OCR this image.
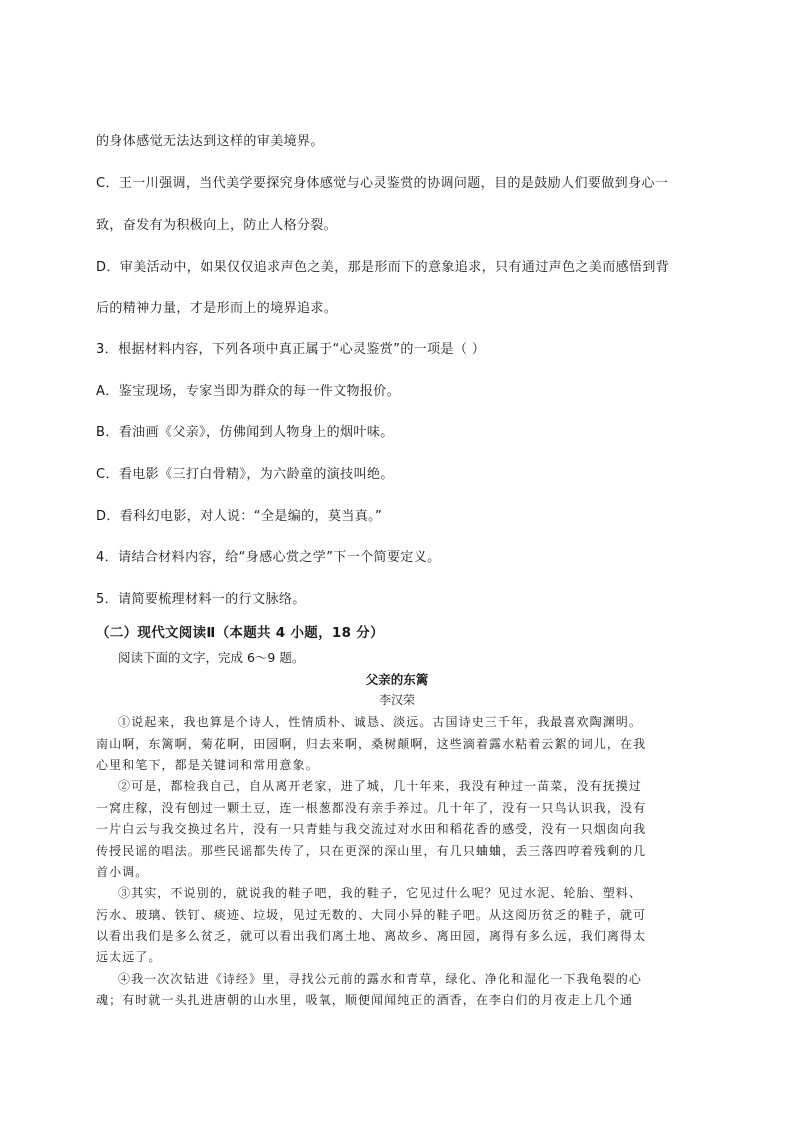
的身体感觉无法达到这样的审美境界。
C．王一川强调，当代美学要探究身体感觉与心灵鉴赏的协调问题，目的是鼓励人们要做到身心一
致，奋发有为积极向上，防止人格分裂。
D．审美活动中，如果仅仅追求声色之美，那是形而下的意象追求，只有通过声色之美而感悟到背
后的精神力量，才是形而上的境界追求。
3．根据材料内容，下列各项中真正属于“心灵鉴赏”的一项是（ ）
A．鉴宝现场，专家当即为群众的每一件文物报价。
B．看油画《父亲》，仿佛闻到人物身上的烟叶味。
C．看电影《三打白骨精》，为六龄童的演技叫绝。
D．看科幻电影，对人说：“全是编的，莫当真。”
4．请结合材料内容，给“身感心赏之学”下一个简要定义。
5．请简要梳理材料一的行文脉络。
（二）现代文阅读Ⅱ（本题共 4 小题，18 分）
阅读下面的文字，完成 6～9 题。
父亲的东篱
李汉荣
①说起来，我也算是个诗人，性情质朴、诚恳、淡远。古国诗史三千年，我最喜欢陶渊明。
南山啊，东篱啊，菊花啊，田园啊，归去来啊，桑树颠啊，这些滴着露水粘着云絮的词儿，在我
心里和笔下，都是关键词和常用意象。
②可是，都检我自己，自从离开老家，进了城，几十年来，我没有种过一苗菜，没有抚摸过
一窝庄稼，没有刨过一颗土豆，连一根葱都没有亲手养过。几十年了，没有一只鸟认识我，没有
一片白云与我交换过名片，没有一只青蛙与我交流过对水田和稻花香的感受，没有一只烟囱向我
传授民谣的唱法。那些民谣都失传了，只在更深的深山里，有几只蛐蛐，丢三落四哼着残剩的几
首小调。
③其实，不说别的，就说我的鞋子吧，我的鞋子，它见过什么呢？见过水泥、轮胎、塑料、
污水、玻璃、铁钉、痰迹、垃圾，见过无数的、大同小异的鞋子吧。从这阅历贫乏的鞋子，就可
以看出我们是多么贫乏，就可以看出我们离土地、离故乡、离田园，离得有多么远，我们离得太
远太远了。
④我一次次钻进《诗经》里，寻找公元前的露水和青草，绿化、净化和湿化一下我龟裂的心
魂；有时就一头扎进唐朝的山水里，吸氧，顺便闻闻纯正的酒香，在李白们的月夜走上几个通
